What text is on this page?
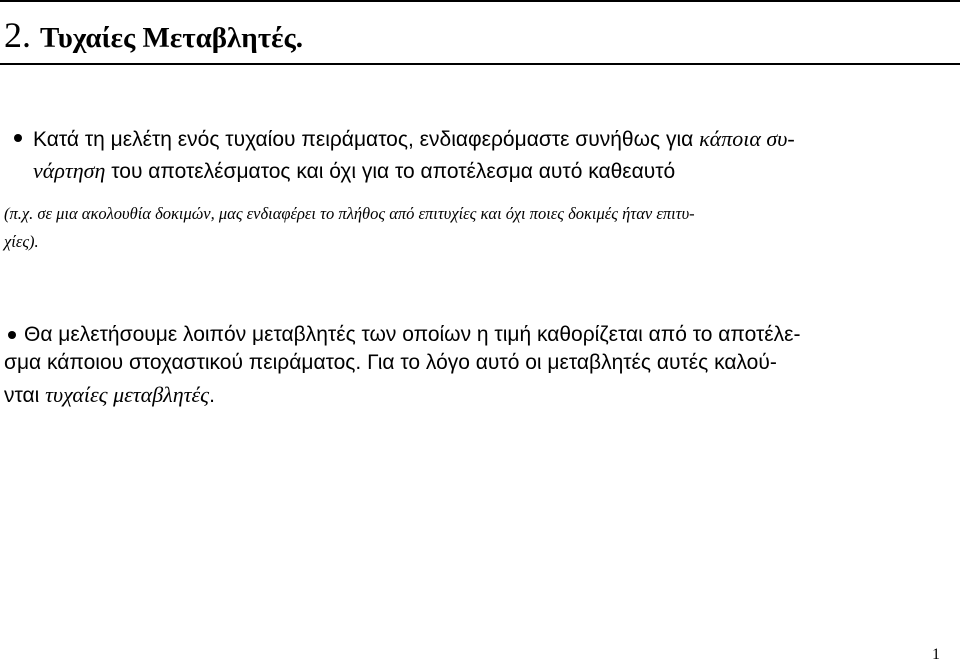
2. Τυχαίες Μεταβλητές.
Κατά τη μελέτη ενός τυχαίου πειράματος, ενδιαφερόμαστε συνήθως για κάποια συ-
νάρτηση του αποτελέσματος και όχι για το αποτέλεσμα αυτό καθεαυτό
(π.χ. σε μια ακολουθία δοκιμών, μας ενδιαφέρει το πλήθος από επιτυχίες και όχι ποιες δοκιμές ήταν επιτυ-
χίες).
Θα μελετήσουμε λοιπόν μεταβλητές των οποίων η τιμή καθορίζεται από το αποτέλε-
σμα κάποιου στοχαστικού πειράματος. Για το λόγο αυτό οι μεταβλητές αυτές καλού-
νται τυχαίες μεταβλητές.
1
